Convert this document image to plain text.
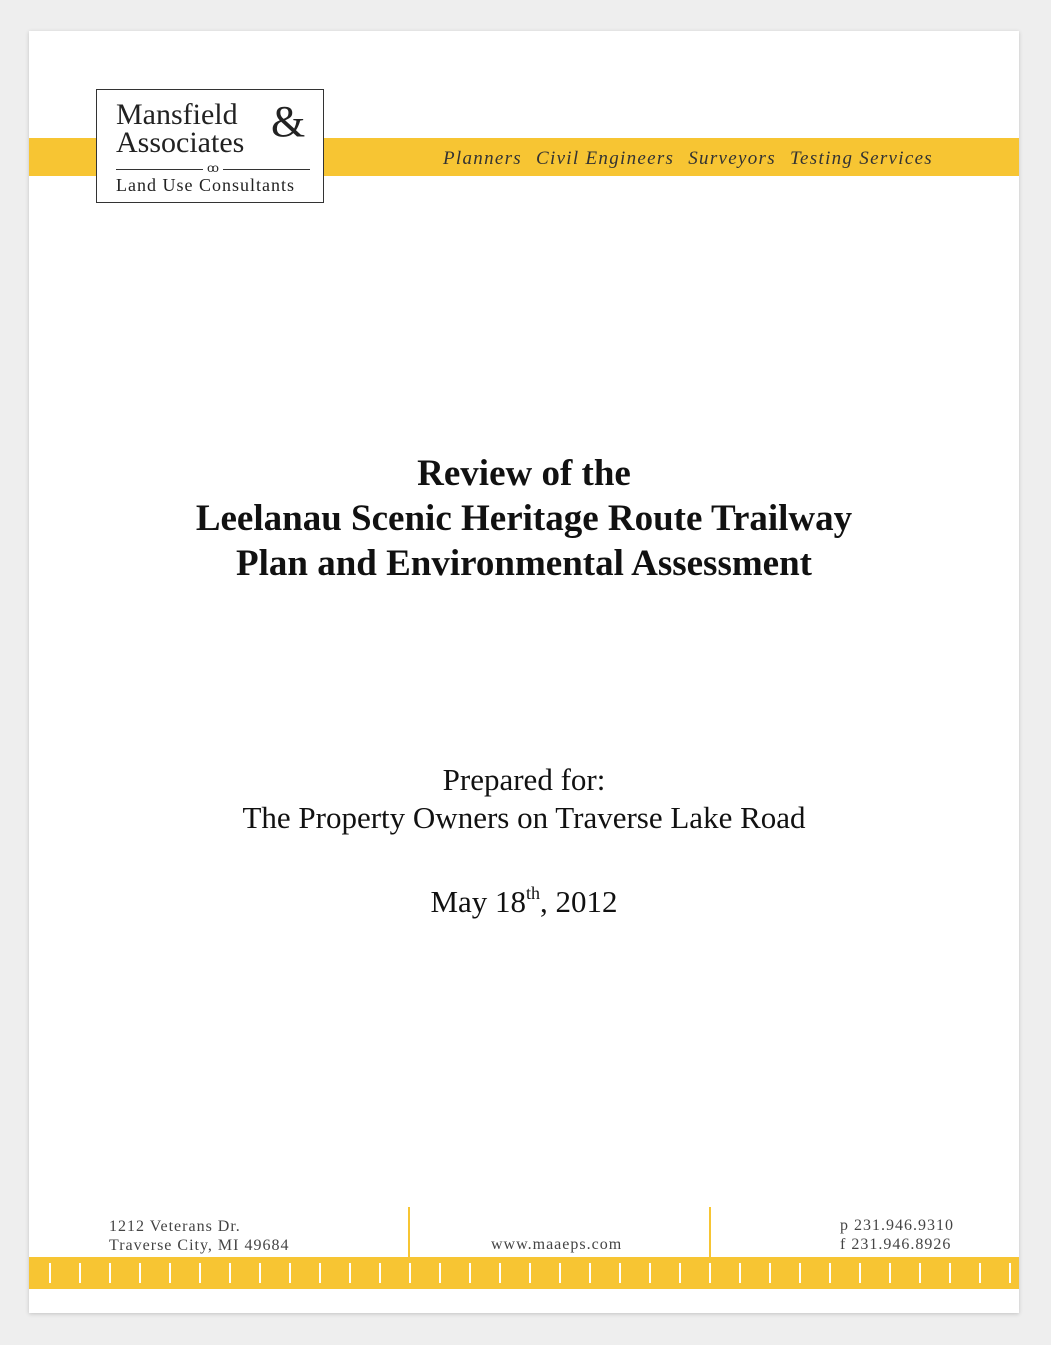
Planners Civil Engineers Surveyors Testing Services
Mansfield
Associates &
ꝏ
Land Use Consultants
Review of the
Leelanau Scenic Heritage Route Trailway
Plan and Environmental Assessment
Prepared for:
The Property Owners on Traverse Lake Road
May 18th, 2012
1212 Veterans Dr.
Traverse City, MI 49684	www.maaeps.com
p 231.946.9310
f 231.946.8926
